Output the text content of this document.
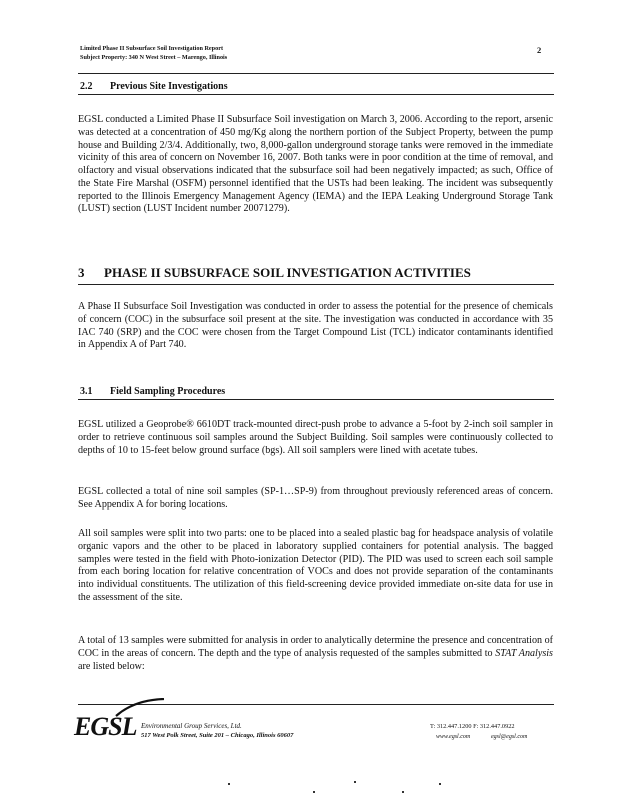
Limited Phase II Subsurface Soil Investigation Report
Subject Property: 340 N West Street – Marengo, Illinois
2
2.2 Previous Site Investigations
EGSL conducted a Limited Phase II Subsurface Soil investigation on March 3, 2006. According to the report, arsenic was detected at a concentration of 450 mg/Kg along the northern portion of the Subject Property, between the pump house and Building 2/3/4. Additionally, two, 8,000-gallon underground storage tanks were removed in the immediate vicinity of this area of concern on November 16, 2007. Both tanks were in poor condition at the time of removal, and olfactory and visual observations indicated that the subsurface soil had been negatively impacted; as such, Office of the State Fire Marshal (OSFM) personnel identified that the USTs had been leaking. The incident was subsequently reported to the Illinois Emergency Management Agency (IEMA) and the IEPA Leaking Underground Storage Tank (LUST) section (LUST Incident number 20071279).
3 PHASE II SUBSURFACE SOIL INVESTIGATION ACTIVITIES
A Phase II Subsurface Soil Investigation was conducted in order to assess the potential for the presence of chemicals of concern (COC) in the subsurface soil present at the site. The investigation was conducted in accordance with 35 IAC 740 (SRP) and the COC were chosen from the Target Compound List (TCL) indicator contaminants identified in Appendix A of Part 740.
3.1 Field Sampling Procedures
EGSL utilized a Geoprobe® 6610DT track-mounted direct-push probe to advance a 5-foot by 2-inch soil sampler in order to retrieve continuous soil samples around the Subject Building. Soil samples were continuously collected to depths of 10 to 15-feet below ground surface (bgs). All soil samplers were lined with acetate tubes.
EGSL collected a total of nine soil samples (SP-1…SP-9) from throughout previously referenced areas of concern. See Appendix A for boring locations.
All soil samples were split into two parts: one to be placed into a sealed plastic bag for headspace analysis of volatile organic vapors and the other to be placed in laboratory supplied containers for potential analysis. The bagged samples were tested in the field with Photo-ionization Detector (PID). The PID was used to screen each soil sample from each boring location for relative concentration of VOCs and does not provide separation of the contaminants into individual constituents. The utilization of this field-screening device provided immediate on-site data for use in the assessment of the site.
A total of 13 samples were submitted for analysis in order to analytically determine the presence and concentration of COC in the areas of concern. The depth and the type of analysis requested of the samples submitted to STAT Analysis are listed below:
EGSL Environmental Group Services, Ltd.
517 West Polk Street, Suite 201 – Chicago, Illinois 60607
T: 312.447.1200 F: 312.447.0922
www.egsl.com	egsl@egsl.com
